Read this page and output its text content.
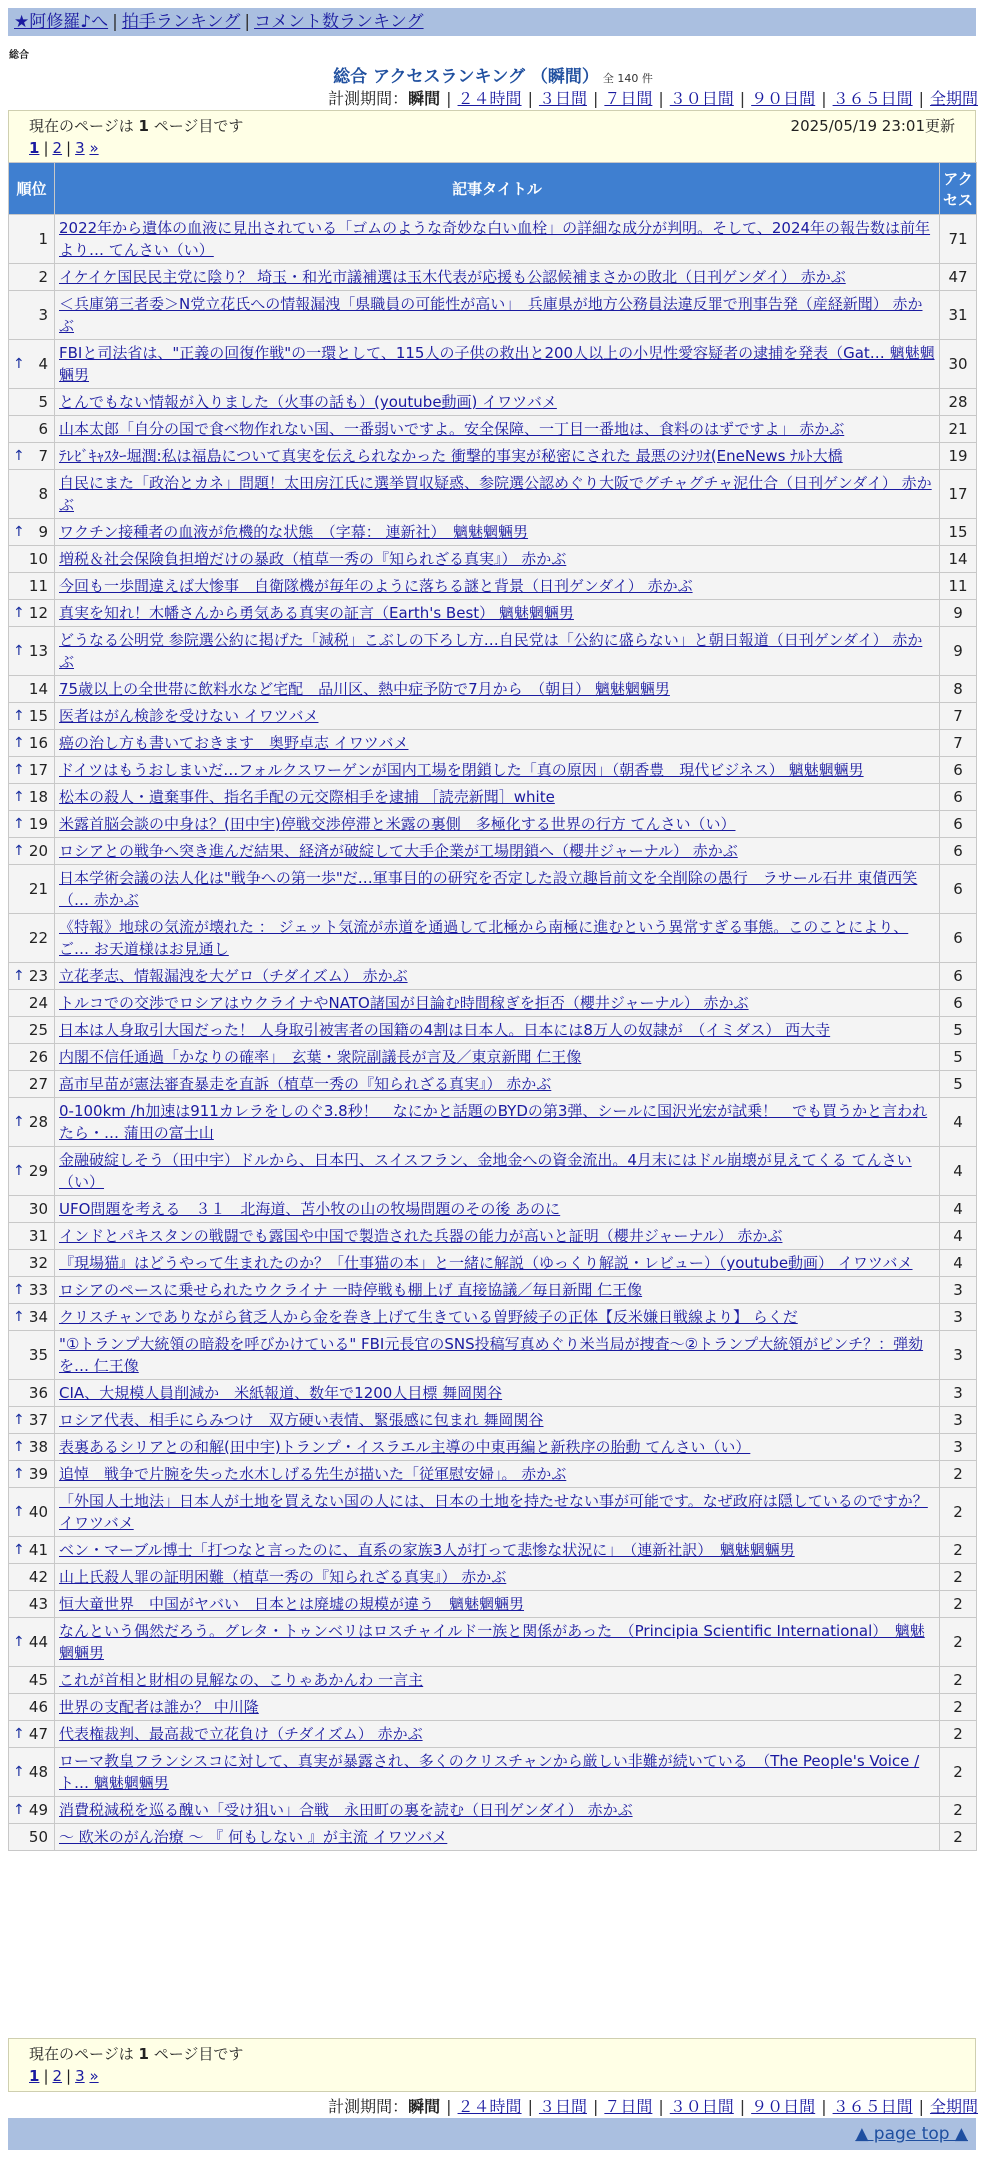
★阿修羅♪へ | 拍手ランキング | コメント数ランキング
総合
総合 アクセスランキング （瞬間） 全 140 件
計測期間：瞬間 | ２４時間 | ３日間 | ７日間 | ３０日間 | ９０日間 | ３６５日間 | 全期間
現在のページは 1 ページ目です	2025/05/19 23:01更新
1 | 2 | 3 »
順位	記事タイトル	アクセス
1	2022年から遺体の血液に見出されている「ゴムのような奇妙な白い血栓」の詳細な成分が判明。そして、2024年の報告数は前年より… てんさい（い）	71
2	イケイケ国民民主党に陰り？ 埼玉・和光市議補選は玉木代表が応援も公認候補まさかの敗北（日刊ゲンダイ） 赤かぶ	47
3	＜兵庫第三者委＞N党立花氏への情報漏洩「県職員の可能性が高い」　兵庫県が地方公務員法違反罪で刑事告発（産経新聞） 赤かぶ	31

↑ 4	FBIと司法省は、"正義の回復作戦"の一環として、115人の子供の救出と200人以上の小児性愛容疑者の逮捕を発表（Gat… 魑魅魍魎男	30
5	とんでもない情報が入りました（火事の話も）(youtube動画) イワツバメ	28
6	山本太郎「自分の国で食べ物作れない国、一番弱いですよ。安全保障、一丁目一番地は、食料のはずですよ」 赤かぶ	21

↑ 7	ﾃﾚﾋﾞｷｬｽﾀｰ堀潤:私は福島について真実を伝えられなかった 衝撃的事実が秘密にされた 最悪のｼﾅﾘｵ(EneNews ﾅﾙﾄ大橋	19
8	自民にまた「政治とカネ」問題！太田房江氏に選挙買収疑惑、参院選公認めぐり大阪でグチャグチャ泥仕合（日刊ゲンダイ） 赤かぶ	17

↑ 9	ワクチン接種者の血液が危機的な状態　（字幕： 連新社）　魑魅魍魎男	15
10	増税＆社会保険負担増だけの暴政（植草一秀の『知られざる真実』） 赤かぶ	14
11	今回も一歩間違えば大惨事　自衛隊機が毎年のように落ちる謎と背景（日刊ゲンダイ） 赤かぶ	11

↑ 12	真実を知れ！木幡さんから勇気ある真実の証言（Earth's Best） 魑魅魍魎男	9

↑ 13	どうなる公明党 参院選公約に掲げた「減税」こぶしの下ろし方…自民党は「公約に盛らない」と朝日報道（日刊ゲンダイ） 赤かぶ	9
14	75歳以上の全世帯に飲料水など宅配　品川区、熱中症予防で7月から　（朝日） 魑魅魍魎男	8

↑ 15	医者はがん検診を受けない イワツバメ	7

↑ 16	癌の治し方も書いておきます　奥野卓志 イワツバメ	7

↑ 17	ドイツはもうおしまいだ…フォルクスワーゲンが国内工場を閉鎖した「真の原因」（朝香豊　現代ビジネス） 魑魅魍魎男	6

↑ 18	松本の殺人・遺棄事件、指名手配の元交際相手を逮捕 ［読売新聞］white	6

↑ 19	米露首脳会談の中身は？(田中宇)停戦交渉停滞と米露の裏側　多極化する世界の行方 てんさい（い）	6

↑ 20	ロシアとの戦争へ突き進んだ結果、経済が破綻して大手企業が工場閉鎖へ（櫻井ジャーナル） 赤かぶ	6
21	日本学術会議の法人化は"戦争への第一歩"だ…軍事目的の研究を否定した設立趣旨前文を全削除の愚行　ラサール石井 東債西笑（… 赤かぶ	6
22	《特報》地球の気流が壊れた ： ジェット気流が赤道を通過して北極から南極に進むという異常すぎる事態。このことにより、ご… お天道様はお見通し	6

↑ 23	立花孝志、情報漏洩を大ゲロ（チダイズム） 赤かぶ	6
24	トルコでの交渉でロシアはウクライナやNATO諸国が目論む時間稼ぎを拒否（櫻井ジャーナル） 赤かぶ	6
25	日本は人身取引大国だった！ 人身取引被害者の国籍の4割は日本人。日本には8万人の奴隷が　（イミダス） 西大寺	5
26	内閣不信任通過「かなりの確率」　玄葉・衆院副議長が言及／東京新聞 仁王像	5
27	高市早苗が憲法審査暴走を直訴（植草一秀の『知られざる真実』） 赤かぶ	5

↑ 28	0-100km /h加速は911カレラをしのぐ3.8秒！　なにかと話題のBYDの第3弾、シールに国沢光宏が試乗！　でも買うかと言われたら・… 蒲田の富士山	4

↑ 29	金融破綻しそう（田中宇）ドルから、日本円、スイスフラン、金地金への資金流出。4月末にはドル崩壊が見えてくる てんさい（い）	4
30	UFO問題を考える　３１　北海道、苫小牧の山の牧場問題のその後 あのに	4
31	インドとパキスタンの戦闘でも露国や中国で製造された兵器の能力が高いと証明（櫻井ジャーナル） 赤かぶ	4
32	『現場猫』はどうやって生まれたのか？「仕事猫の本」と一緒に解説（ゆっくり解説・レビュー）（youtube動画） イワツバメ	4

↑ 33	ロシアのペースに乗せられたウクライナ 一時停戦も棚上げ 直接協議／毎日新聞 仁王像	3

↑ 34	クリスチャンでありながら貧乏人から金を巻き上げて生きている曽野綾子の正体【反米嫌日戦線より】 らくだ	3
35	"①トランプ大統領の暗殺を呼びかけている" FBI元長官のSNS投稿写真めぐり米当局が捜査～②トランプ大統領がピンチ？：弾劾を… 仁王像	3
36	CIA、大規模人員削減か　米紙報道、数年で1200人目標 舞岡関谷	3

↑ 37	ロシア代表、相手にらみつけ　双方硬い表情、緊張感に包まれ 舞岡関谷	3

↑ 38	表裏あるシリアとの和解(田中宇)トランプ・イスラエル主導の中東再編と新秩序の胎動 てんさい（い）	3

↑ 39	追悼　戦争で片腕を失った水木しげる先生が描いた「従軍慰安婦」。 赤かぶ	2

↑ 40	「外国人土地法」日本人が土地を買えない国の人には、日本の土地を持たせない事が可能です。なぜ政府は隠しているのですか？ イワツバメ	2

↑ 41	ベン・マーブル博士「打つなと言ったのに、直系の家族3人が打って悲惨な状況に」　（連新社訳）　魑魅魍魎男	2
42	山上氏殺人罪の証明困難（植草一秀の『知られざる真実』） 赤かぶ	2
43	恒大童世界　中国がヤバい　日本とは廃墟の規模が違う　魑魅魍魎男	2

↑ 44	なんという偶然だろう。グレタ・トゥンベリはロスチャイルド一族と関係があった　（Principia Scientific International）　魑魅魍魎男	2
45	これが首相と財相の見解なの、こりゃあかんわ 一言主	2
46	世界の支配者は誰か？ 中川隆	2

↑ 47	代表権裁判、最高裁で立花負け（チダイズム） 赤かぶ	2

↑ 48	ローマ教皇フランシスコに対して、真実が暴露され、多くのクリスチャンから厳しい非難が続いている　（The People's Voice / ト… 魑魅魍魎男	2

↑ 49	消費税減税を巡る醜い「受け狙い」合戦　永田町の裏を読む（日刊ゲンダイ） 赤かぶ	2
50	～ 欧米のがん治療 ～ 『 何もしない 』が主流 イワツバメ	2
現在のページは 1 ページ目です
1 | 2 | 3 »
計測期間：瞬間 | ２４時間 | ３日間 | ７日間 | ３０日間 | ９０日間 | ３６５日間 | 全期間
▲ page top ▲
